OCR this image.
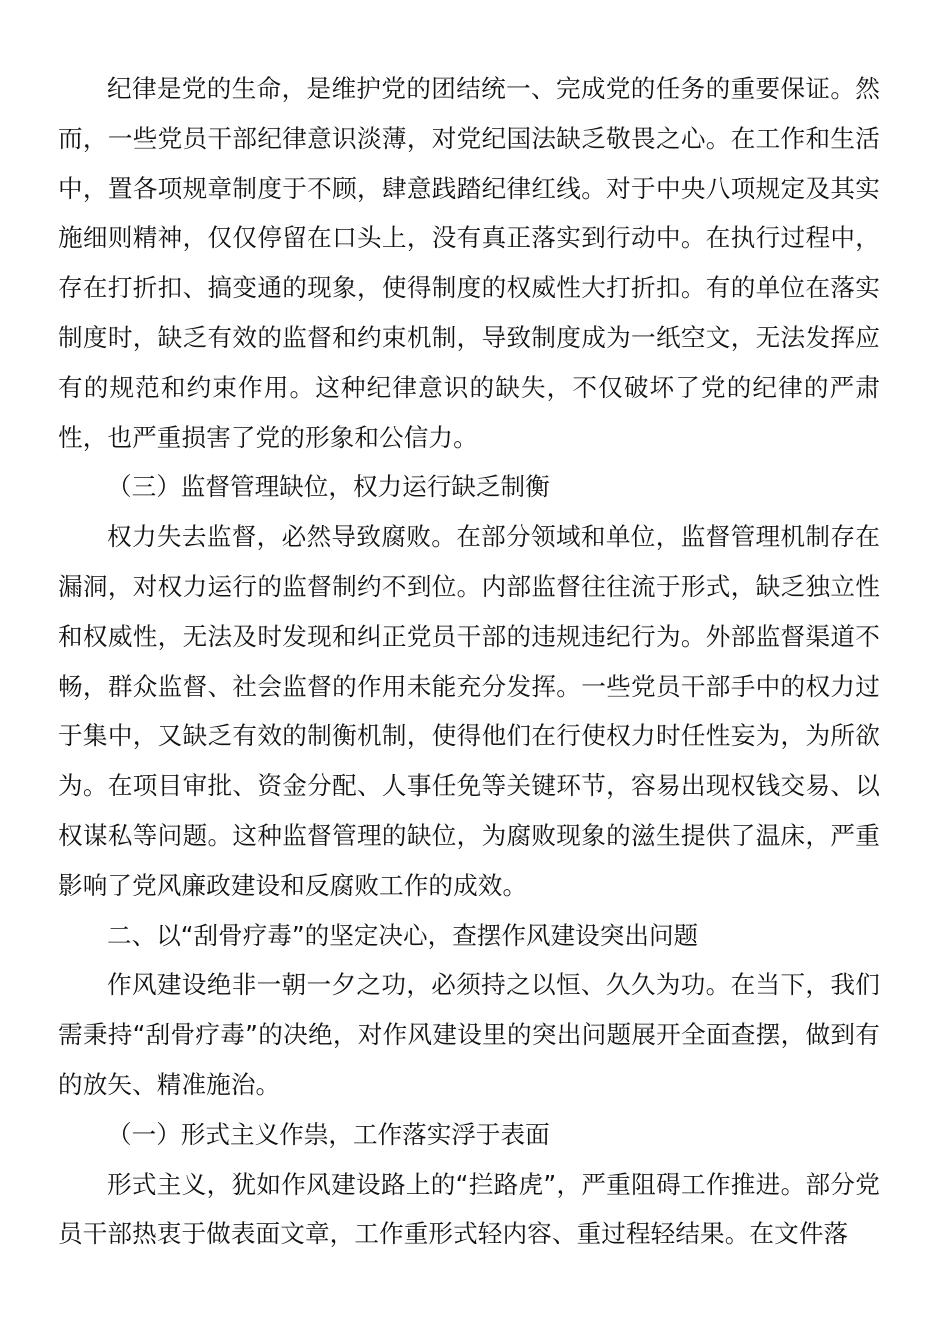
纪律是党的生命，是维护党的团结统一、完成党的任务的重要保证。然而，一些党员干部纪律意识淡薄，对党纪国法缺乏敬畏之心。在工作和生活中，置各项规章制度于不顾，肆意践踏纪律红线。对于中央八项规定及其实施细则精神，仅仅停留在口头上，没有真正落实到行动中。在执行过程中，存在打折扣、搞变通的现象，使得制度的权威性大打折扣。有的单位在落实制度时，缺乏有效的监督和约束机制，导致制度成为一纸空文，无法发挥应有的规范和约束作用。这种纪律意识的缺失，不仅破坏了党的纪律的严肃性，也严重损害了党的形象和公信力。

（三）监督管理缺位，权力运行缺乏制衡

权力失去监督，必然导致腐败。在部分领域和单位，监督管理机制存在漏洞，对权力运行的监督制约不到位。内部监督往往流于形式，缺乏独立性和权威性，无法及时发现和纠正党员干部的违规违纪行为。外部监督渠道不畅，群众监督、社会监督的作用未能充分发挥。一些党员干部手中的权力过于集中，又缺乏有效的制衡机制，使得他们在行使权力时任性妄为，为所欲为。在项目审批、资金分配、人事任免等关键环节，容易出现权钱交易、以权谋私等问题。这种监督管理的缺位，为腐败现象的滋生提供了温床，严重影响了党风廉政建设和反腐败工作的成效。

二、以“刮骨疗毒”的坚定决心，查摆作风建设突出问题

作风建设绝非一朝一夕之功，必须持之以恒、久久为功。在当下，我们需秉持“刮骨疗毒”的决绝，对作风建设里的突出问题展开全面查摆，做到有的放矢、精准施治。

（一）形式主义作祟，工作落实浮于表面

形式主义，犹如作风建设路上的“拦路虎”，严重阻碍工作推进。部分党员干部热衷于做表面文章，工作重形式轻内容、重过程轻结果。在文件落
